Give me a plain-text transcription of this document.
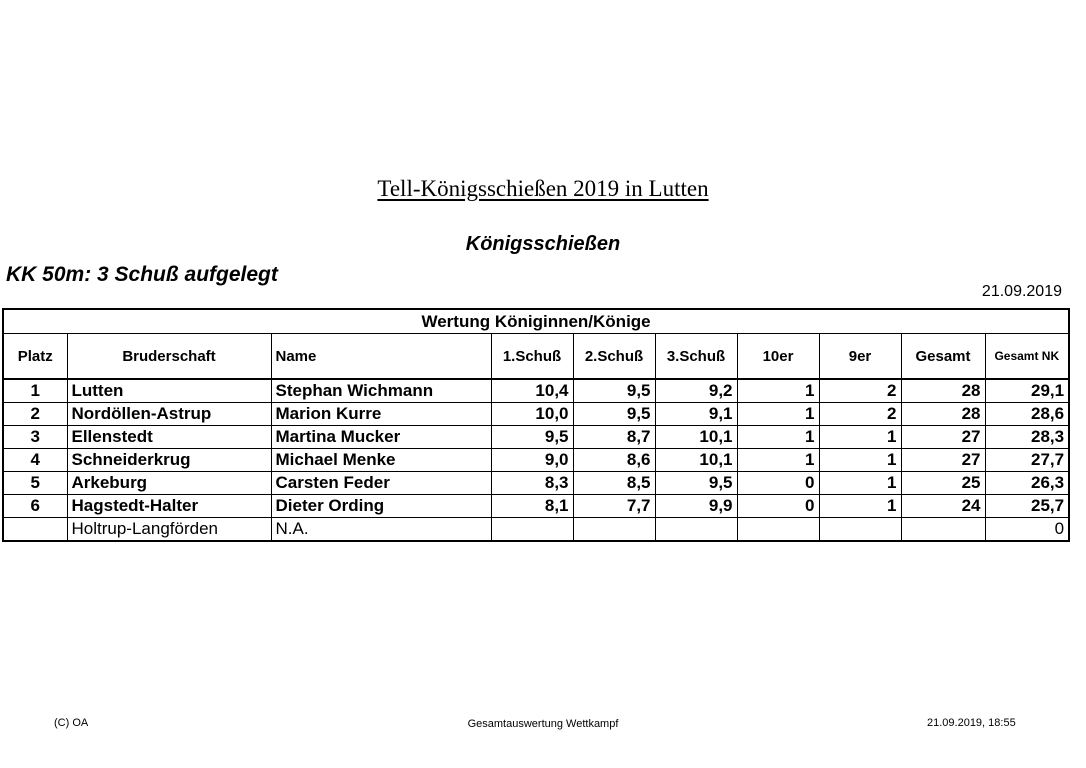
Tell-Königsschießen 2019 in Lutten
Königsschießen
KK 50m: 3 Schuß aufgelegt
21.09.2019
Wertung Königinnen/Könige									
Platz	Bruderschaft	Name	1.Schuß	2.Schuß	3.Schuß	10er	9er	Gesamt	Gesamt NK
1	Lutten	Stephan Wichmann	10,4	9,5	9,2	1	2	28	29,1
2	Nordöllen-Astrup	Marion Kurre	10,0	9,5	9,1	1	2	28	28,6
3	Ellenstedt	Martina Mucker	9,5	8,7	10,1	1	1	27	28,3
4	Schneiderkrug	Michael Menke	9,0	8,6	10,1	1	1	27	27,7
5	Arkeburg	Carsten Feder	8,3	8,5	9,5	0	1	25	26,3
6	Hagstedt-Halter	Dieter Ording	8,1	7,7	9,9	0	1	24	25,7
	Holtrup-Langförden	N.A.							0
(C) OA	Gesamtauswertung Wettkampf	21.09.2019, 18:55
